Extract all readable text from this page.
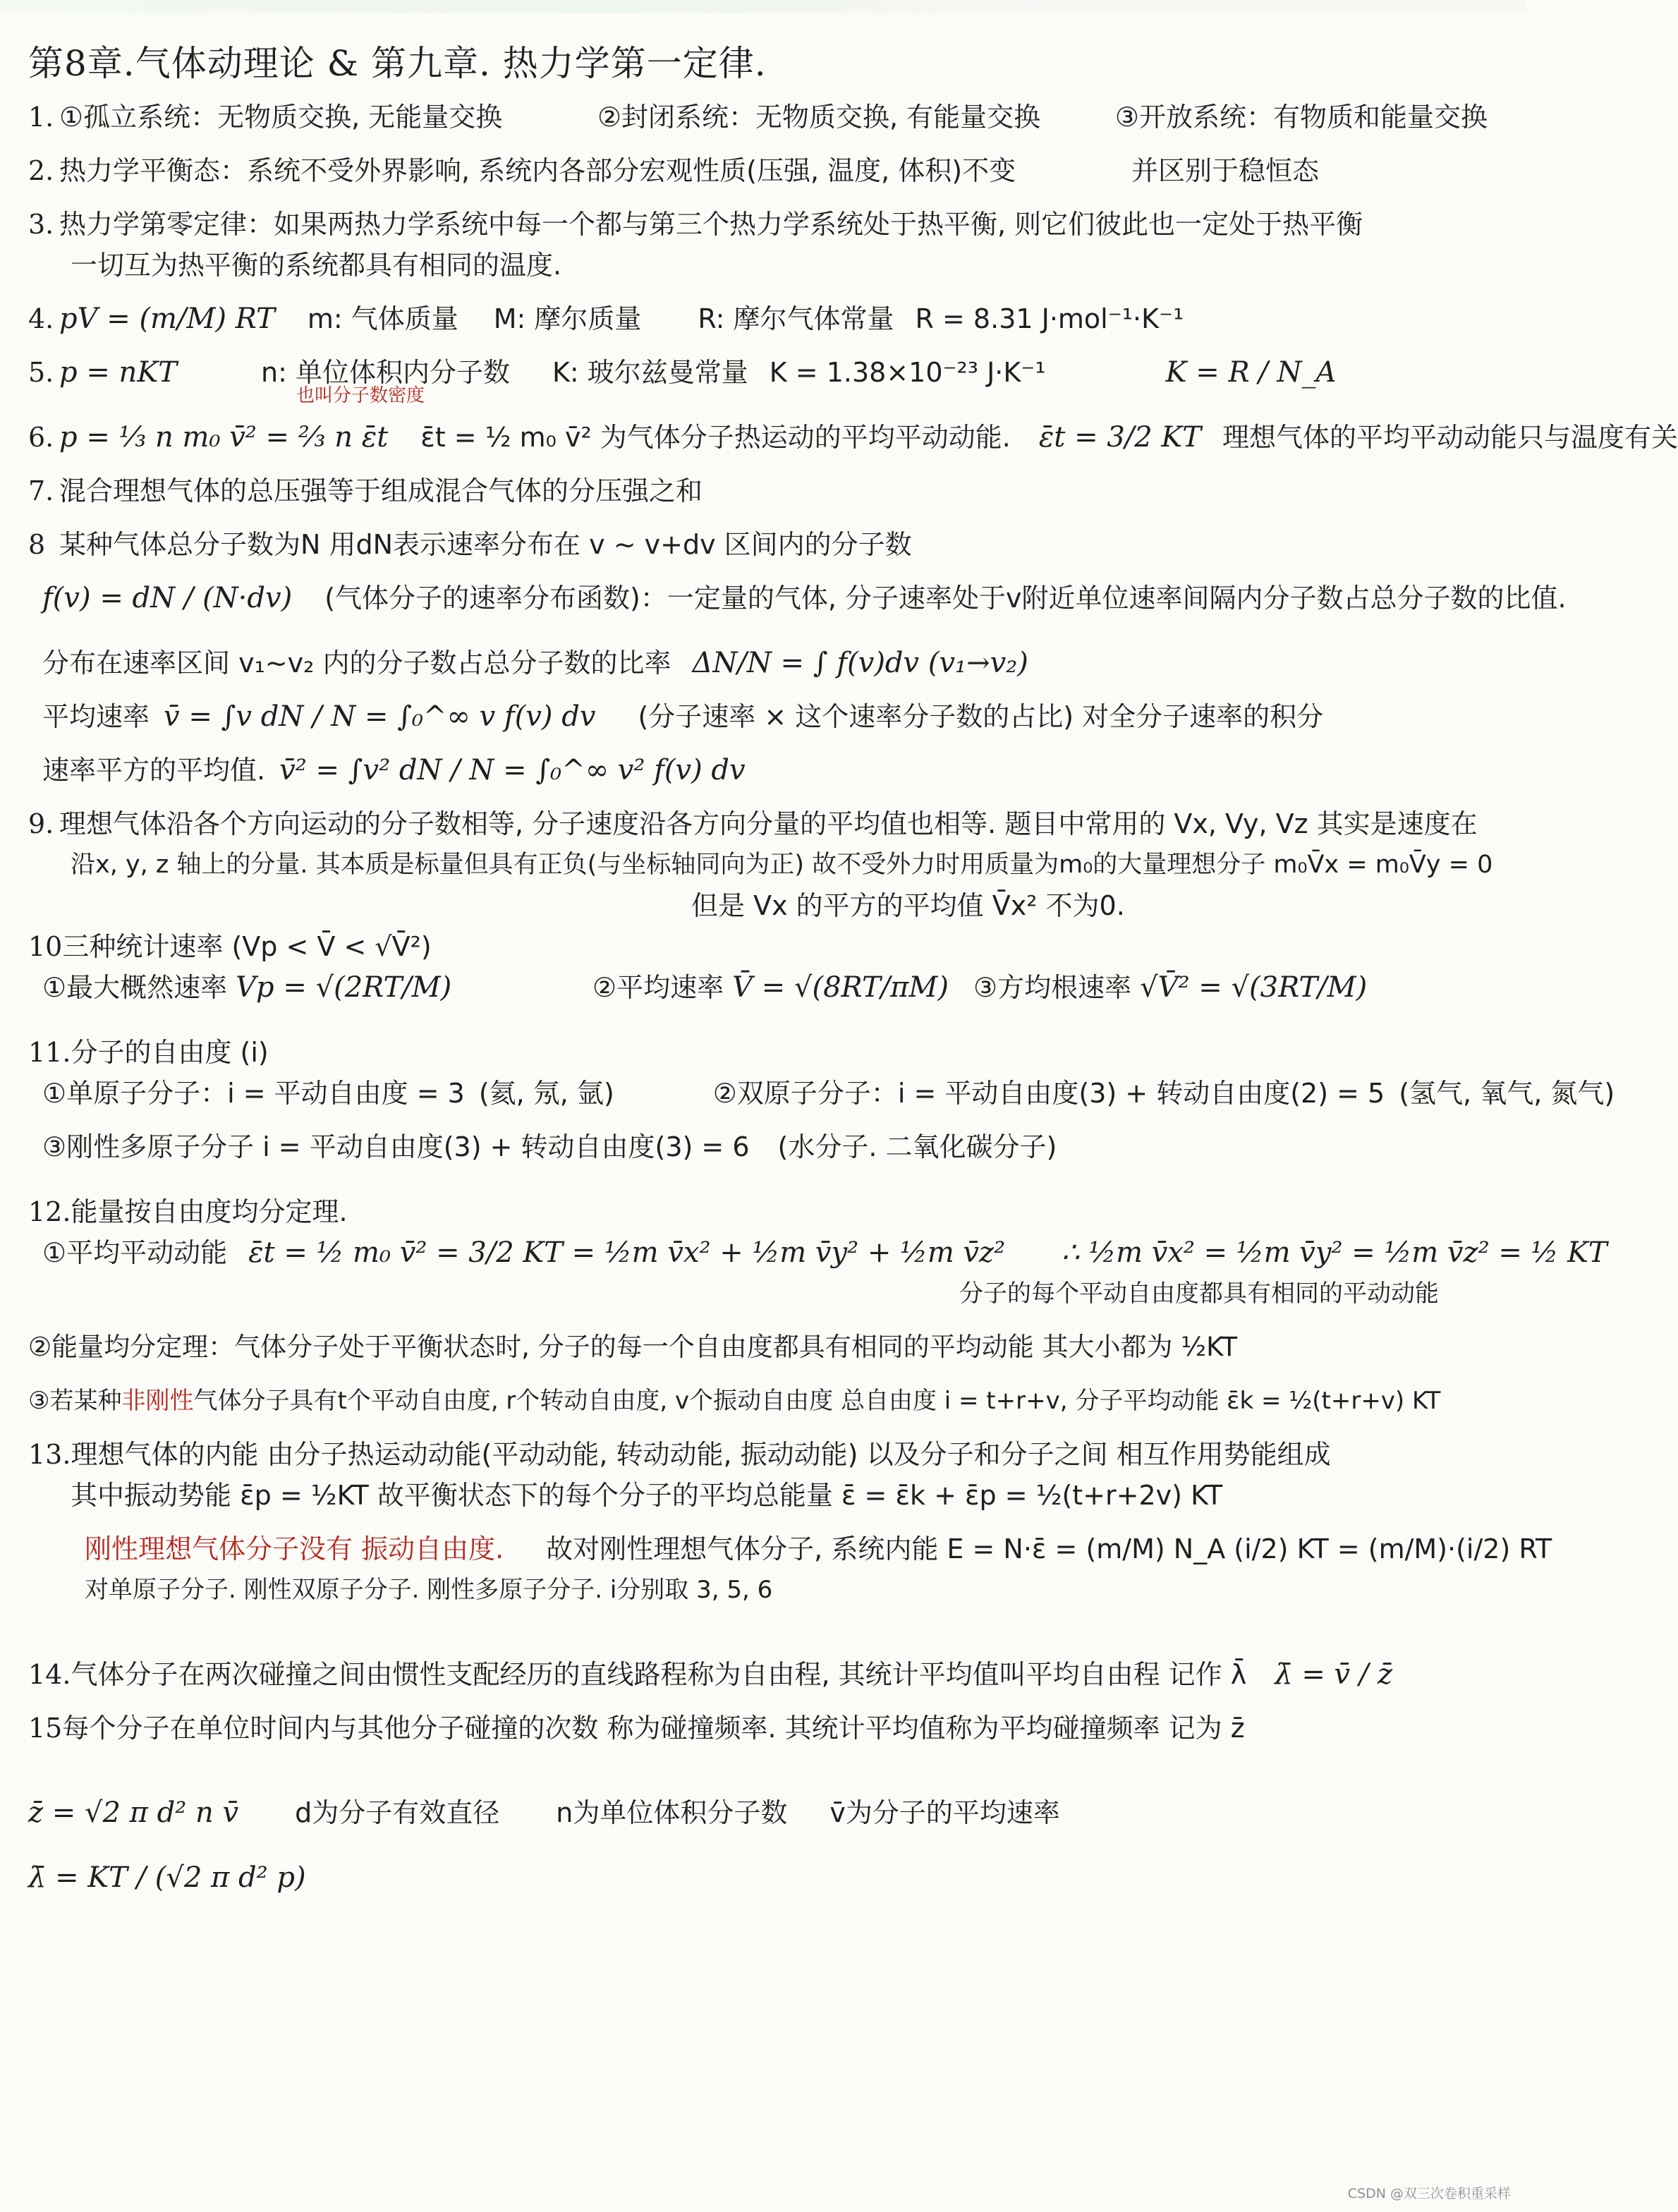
第8章.气体动理论 & 第九章. 热力学第一定律.
1. ①孤立系统：无物质交换, 无能量交换	②封闭系统：无物质交换, 有能量交换	③开放系统：有物质和能量交换
2. 热力学平衡态：系统不受外界影响, 系统内各部分宏观性质(压强, 温度, 体积)不变	并区别于稳恒态
3. 热力学第零定律：如果两热力学系统中每一个都与第三个热力学系统处于热平衡, 则它们彼此也一定处于热平衡
一切互为热平衡的系统都具有相同的温度.
4. pV = (m/M) RT m: 气体质量 M: 摩尔质量 R: 摩尔气体常量 R = 8.31 J·mol⁻¹·K⁻¹
5. p = nKT	n: 单位体积内分子数 K: 玻尔兹曼常量 K = 1.38×10⁻²³ J·K⁻¹	K = R / N_A
也叫分子数密度
6. p = ⅓ n m₀ v̄² = ⅔ n ε̄t ε̄t = ½ m₀ v̄² 为气体分子热运动的平均平动动能. ε̄t = 3/2 KT 理想气体的平均平动动能只与温度有关
7. 混合理想气体的总压强等于组成混合气体的分压强之和
8 某种气体总分子数为N 用dN表示速率分布在 v ~ v+dv 区间内的分子数
f(v) = dN / (N·dv) (气体分子的速率分布函数)：一定量的气体, 分子速率处于v附近单位速率间隔内分子数占总分子数的比值.
分布在速率区间 v₁~v₂ 内的分子数占总分子数的比率 ΔN/N = ∫ f(v)dv (v₁→v₂)
平均速率 v̄ = ∫v dN / N = ∫₀^∞ v f(v) dv (分子速率 × 这个速率分子数的占比) 对全分子速率的积分
速率平方的平均值. v̄² = ∫v² dN / N = ∫₀^∞ v² f(v) dv
9. 理想气体沿各个方向运动的分子数相等, 分子速度沿各方向分量的平均值也相等. 题目中常用的 Vx, Vy, Vz 其实是速度在
沿x, y, z 轴上的分量. 其本质是标量但具有正负(与坐标轴同向为正) 故不受外力时用质量为m₀的大量理想分子 m₀V̄x = m₀V̄y = 0
但是 Vx 的平方的平均值 V̄x² 不为0.
10 三种统计速率 (Vp < V̄ < √V̄²)
①最大概然速率 Vp = √(2RT/M)	②平均速率 V̄ = √(8RT/πM) ③方均根速率 √V̄² = √(3RT/M)
11. 分子的自由度 (i)
①单原子分子：i = 平动自由度 = 3 (氦, 氖, 氩)	②双原子分子：i = 平动自由度(3) + 转动自由度(2) = 5 (氢气, 氧气, 氮气)
③刚性多原子分子 i = 平动自由度(3) + 转动自由度(3) = 6 (水分子. 二氧化碳分子)
12. 能量按自由度均分定理.
①平均平动动能 ε̄t = ½ m₀ v̄² = 3/2 KT = ½m v̄x² + ½m v̄y² + ½m v̄z² ∴ ½m v̄x² = ½m v̄y² = ½m v̄z² = ½ KT
分子的每个平动自由度都具有相同的平动动能
②能量均分定理：气体分子处于平衡状态时, 分子的每一个自由度都具有相同的平均动能 其大小都为 ½KT
③若某种 非刚性 气体分子具有t个平动自由度, r个转动自由度, v个振动自由度 总自由度 i = t+r+v, 分子平均动能 ε̄k = ½(t+r+v) KT
13. 理想气体的内能 由分子热运动动能(平动动能, 转动动能, 振动动能) 以及分子和分子之间 相互作用势能组成
其中振动势能 ε̄p = ½KT 故平衡状态下的每个分子的平均总能量 ε̄ = ε̄k + ε̄p = ½(t+r+2v) KT
刚性理想气体分子没有 振动自由度. 故对刚性理想气体分子, 系统内能 E = N·ε̄ = (m/M) N_A (i/2) KT = (m/M)·(i/2) RT
对单原子分子. 刚性双原子分子. 刚性多原子分子. i分别取 3, 5, 6
14. 气体分子在两次碰撞之间由惯性支配经历的直线路程称为自由程, 其统计平均值叫平均自由程 记作 λ̄ λ̄ = v̄ / z̄
15 每个分子在单位时间内与其他分子碰撞的次数 称为碰撞频率. 其统计平均值称为平均碰撞频率 记为 z̄
z̄ = √2 π d² n v̄ d为分子有效直径 n为单位体积分子数 v̄为分子的平均速率
λ̄ = KT / (√2 π d² p)
CSDN @双三次卷积重采样
